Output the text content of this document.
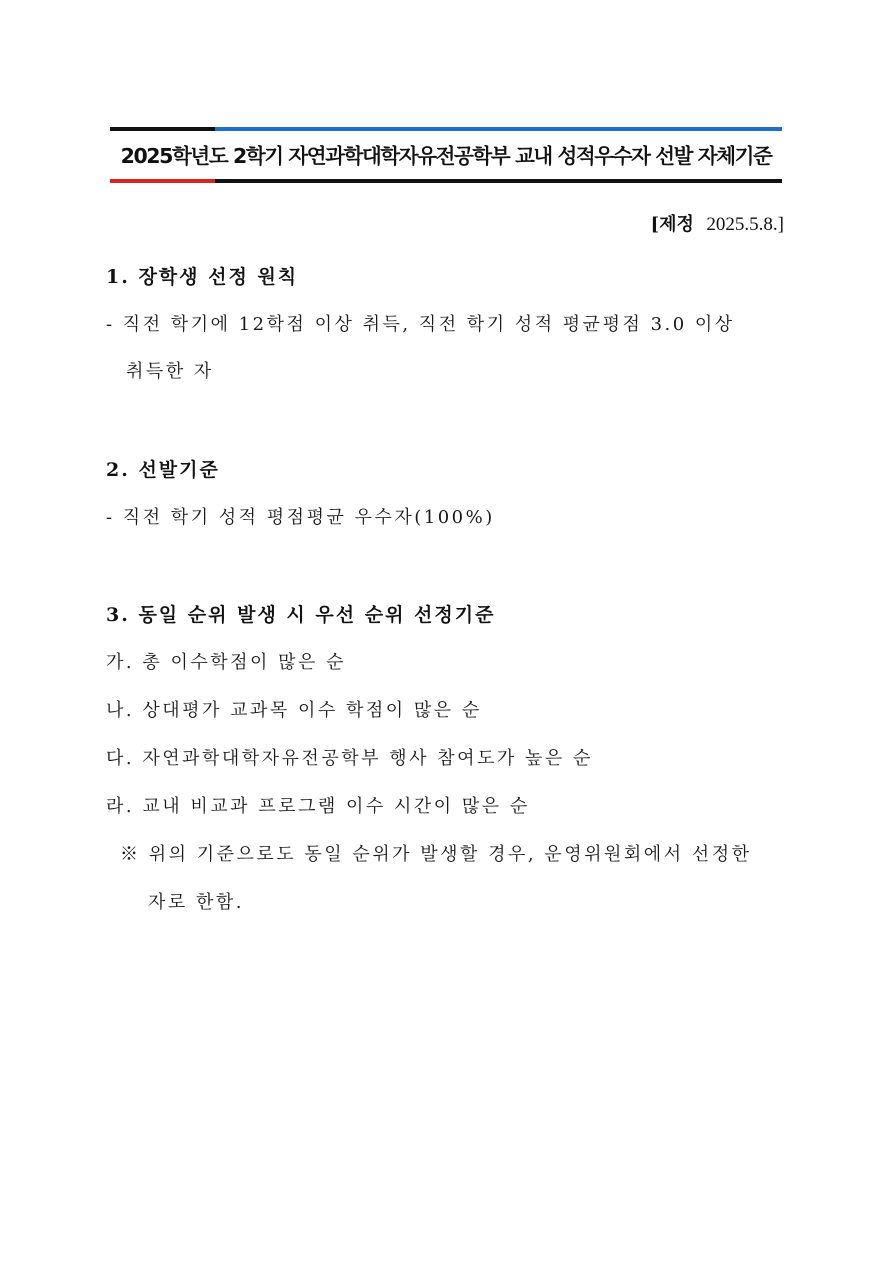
2025학년도 2학기 자연과학대학자유전공학부 교내 성적우수자 선발 자체기준
[제정 2025.5.8.]
1. 장학생 선정 원칙
- 직전 학기에 12학점 이상 취득, 직전 학기 성적 평균평점 3.0 이상
취득한 자
2. 선발기준
- 직전 학기 성적 평점평균 우수자(100%)
3. 동일 순위 발생 시 우선 순위 선정기준
가. 총 이수학점이 많은 순
나. 상대평가 교과목 이수 학점이 많은 순
다. 자연과학대학자유전공학부 행사 참여도가 높은 순
라. 교내 비교과 프로그램 이수 시간이 많은 순
※ 위의 기준으로도 동일 순위가 발생할 경우, 운영위원회에서 선정한
자로 한함.
